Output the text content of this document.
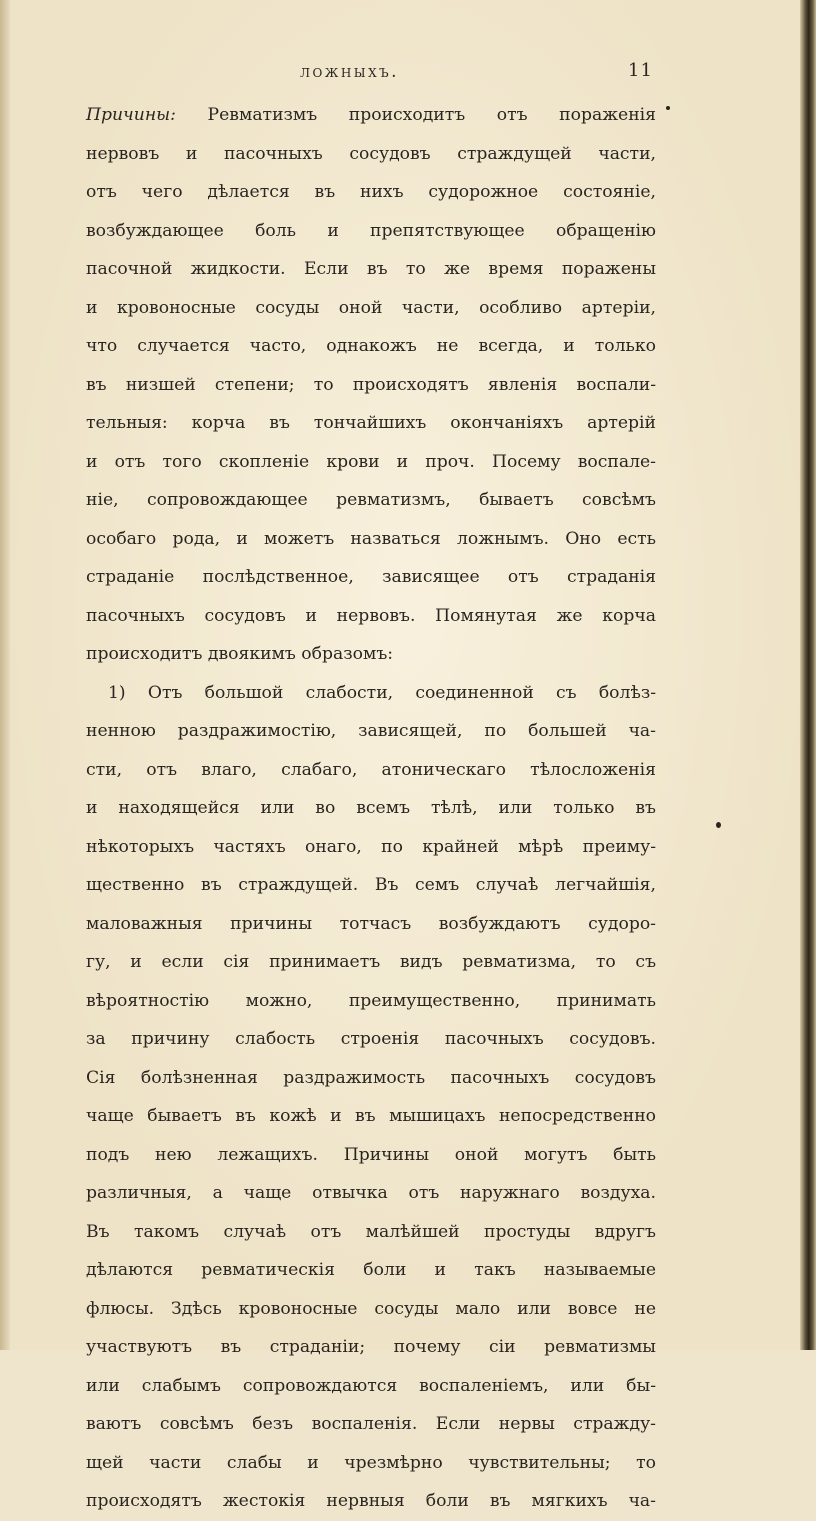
ложныхъ.	11
Причины: Ревматизмъ происходитъ отъ пораженія
нервовъ и пасочныхъ сосудовъ страждущей части,
отъ чего дѣлается въ нихъ судорожное состояніе,
возбуждающее боль и препятствующее обращенію
пасочной жидкости. Если въ то же время поражены
и кровоносные сосуды оной части, особливо артеріи,
что случается часто, однакожъ не всегда, и только
въ низшей степени; то происходятъ явленія воспали-
тельныя: корча въ тончайшихъ окончаніяхъ артерій
и отъ того скопленіе крови и проч. Посему воспале-
ніе, сопровождающее ревматизмъ, бываетъ совсѣмъ
особаго рода, и можетъ назваться ложнымъ. Оно есть
страданіе послѣдственное, зависящее отъ страданія
пасочныхъ сосудовъ и нервовъ. Помянутая же корча
происходитъ двоякимъ образомъ:
1) Отъ большой слабости, соединенной съ болѣз-
ненною раздражимостію, зависящей, по большей ча-
сти, отъ влаго, слабаго, атоническаго тѣлосложенія
и находящейся или во всемъ тѣлѣ, или только въ
нѣкоторыхъ частяхъ онаго, по крайней мѣрѣ преиму-
щественно въ страждущей. Въ семъ случаѣ легчайшія,
маловажныя причины тотчасъ возбуждаютъ судоро-
гу, и если сія принимаетъ видъ ревматизма, то съ
вѣроятностію можно, преимущественно, принимать
за причину слабость строенія пасочныхъ сосудовъ.
Сія болѣзненная раздражимость пасочныхъ сосудовъ
чаще бываетъ въ кожѣ и въ мышицахъ непосредственно
подъ нею лежащихъ. Причины оной могутъ быть
различныя, а чаще отвычка отъ наружнаго воздуха.
Въ такомъ случаѣ отъ малѣйшей простуды вдругъ
дѣлаются ревматическія боли и такъ называемые
флюсы. Здѣсь кровоносные сосуды мало или вовсе не
участвуютъ въ страданіи; почему сіи ревматизмы
или слабымъ сопровождаются воспаленіемъ, или бы-
ваютъ совсѣмъ безъ воспаленія. Если нервы стражду-
щей части слабы и чрезмѣрно чувствительны; то
происходятъ жестокія нервныя боли въ мягкихъ ча-
